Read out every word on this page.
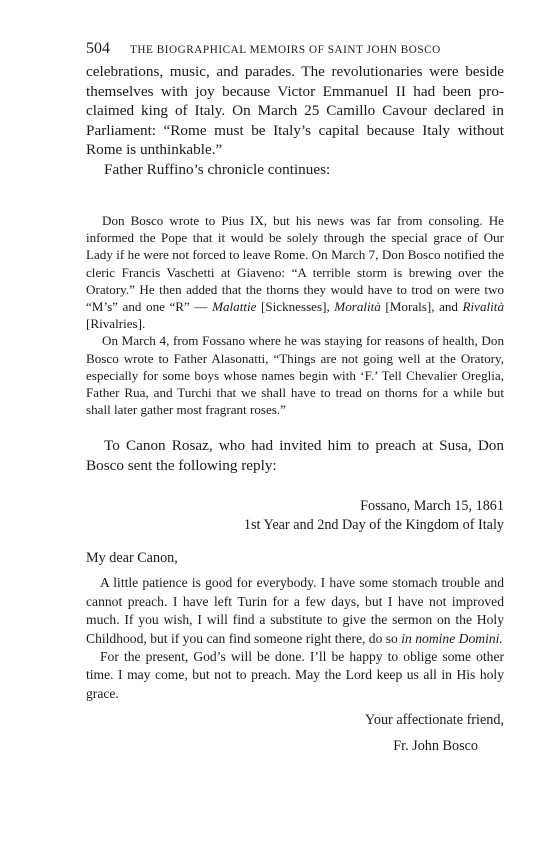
504	THE BIOGRAPHICAL MEMOIRS OF SAINT JOHN BOSCO

celebrations, music, and parades. The revolutionaries were beside themselves with joy because Victor Emmanuel II had been proclaimed king of Italy. On March 25 Camillo Cavour declared in Parliament: “Rome must be Italy’s capital because Italy without Rome is unthinkable.”

Father Ruffino’s chronicle continues:

Don Bosco wrote to Pius IX, but his news was far from consoling. He informed the Pope that it would be solely through the special grace of Our Lady if he were not forced to leave Rome. On March 7, Don Bosco notified the cleric Francis Vaschetti at Giaveno: “A terrible storm is brewing over the Oratory.” He then added that the thorns they would have to trod on were two “M’s” and one “R” — Malattie [Sicknesses], Moralità [Morals], and Rivalità [Rivalries].

On March 4, from Fossano where he was staying for reasons of health, Don Bosco wrote to Father Alasonatti, “Things are not going well at the Oratory, especially for some boys whose names begin with ‘F.’ Tell Chevalier Oreglia, Father Rua, and Turchi that we shall have to tread on thorns for a while but shall later gather most fragrant roses.”

To Canon Rosaz, who had invited him to preach at Susa, Don Bosco sent the following reply:

Fossano, March 15, 1861
1st Year and 2nd Day of the Kingdom of Italy
My dear Canon,

A little patience is good for everybody. I have some stomach trouble and cannot preach. I have left Turin for a few days, but I have not improved much. If you wish, I will find a substitute to give the sermon on the Holy Childhood, but if you can find someone right there, do so in nomine Domini.

For the present, God’s will be done. I’ll be happy to oblige some other time. I may come, but not to preach. May the Lord keep us all in His holy grace.

Your affectionate friend,
Fr. John Bosco
